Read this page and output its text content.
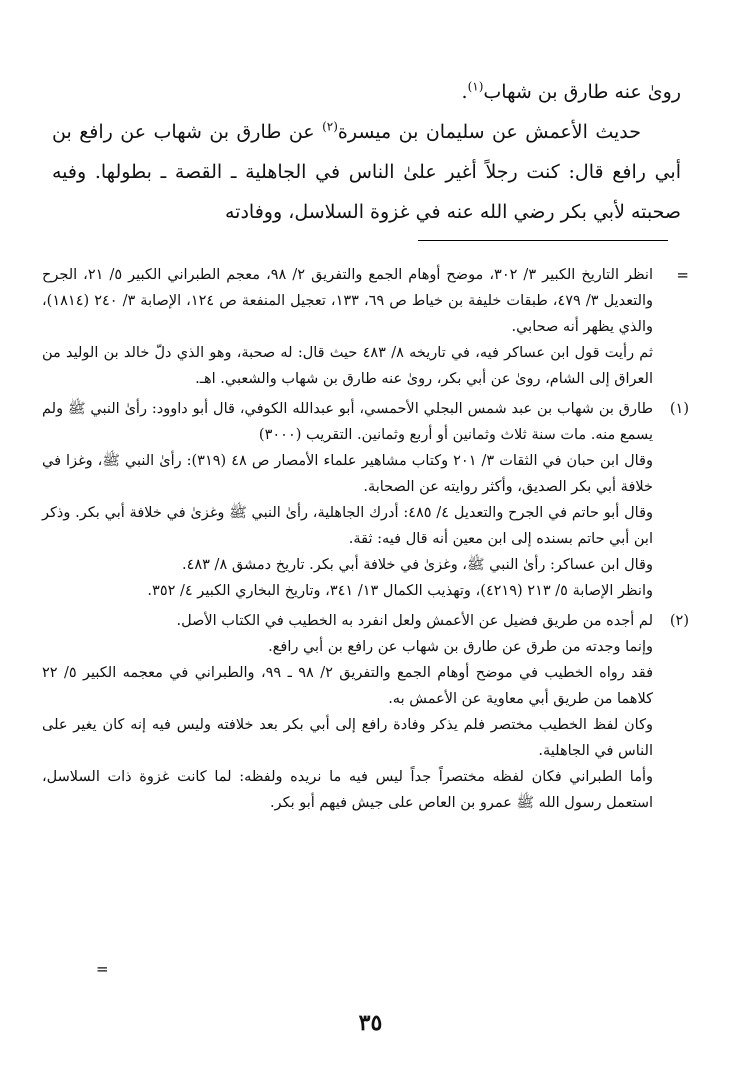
رویٰ عنه طارق بن شهاب$^{(١)}$.

حديث الأعمش عن سليمان بن ميسرة$^{(٢)}$ عن طارق بن شهاب عن رافع بن أبي رافع قال: كنت رجلاً أغير علىٰ الناس في الجاهلية ـ القصة ـ بطولها. وفيه صحبته لأبي بكر رضي الله عنه في غزوة السلاسل، ووفادته

=

انظر التاريخ الكبير ٣/ ٣٠٢، موضح أوهام الجمع والتفريق ٢/ ٩٨، معجم الطبراني الكبير ٥/ ٢١، الجرح والتعديل ٣/ ٤٧٩، طبقات خليفة بن خياط ص ٦٩، ١٣٣، تعجيل المنفعة ص ١٢٤، الإصابة ٣/ ٢٤٠ (١٨١٤)، والذي يظهر أنه صحابي.

ثم رأيت قول ابن عساكر فيه، في تاريخه ٨/ ٤٨٣ حيث قال: له صحبة، وهو الذي دلّ خالد بن الوليد من العراق إلى الشام، روىٰ عن أبي بكر، روىٰ عنه طارق بن شهاب والشعبي. اهـ.

(١)

طارق بن شهاب بن عبد شمس البجلي الأحمسي، أبو عبدالله الكوفي، قال أبو داوود: رأىٰ النبي ﷺ ولم يسمع منه. مات سنة ثلاث وثمانين أو أربع وثمانين. التقريب (٣٠٠٠)

وقال ابن حبان في الثقات ٣/ ٢٠١ وكتاب مشاهير علماء الأمصار ص ٤٨ (٣١٩): رأىٰ النبي ﷺ، وغزا في خلافة أبي بكر الصديق، وأكثر روايته عن الصحابة.

وقال أبو حاتم في الجرح والتعديل ٤/ ٤٨٥: أدرك الجاهلية، رأىٰ النبي ﷺ وغزىٰ في خلافة أبي بكر. وذكر ابن أبي حاتم بسنده إلى ابن معين أنه قال فيه: ثقة.

وقال ابن عساكر: رأىٰ النبي ﷺ، وغزىٰ في خلافة أبي بكر. تاريخ دمشق ٨/ ٤٨٣.

وانظر الإصابة ٥/ ٢١٣ (٤٢١٩)، وتهذيب الكمال ١٣/ ٣٤١، وتاريخ البخاري الكبير ٤/ ٣٥٢.

(٢)

لم أجده من طريق فضيل عن الأعمش ولعل انفرد به الخطيب في الكتاب الأصل.

وإنما وجدته من طرق عن طارق بن شهاب عن رافع بن أبي رافع.

فقد رواه الخطيب في موضح أوهام الجمع والتفريق ٢/ ٩٨ ـ ٩٩، والطبراني في معجمه الكبير ٥/ ٢٢ كلاهما من طريق أبي معاوية عن الأعمش به.

وكان لفظ الخطيب مختصر فلم يذكر وفادة رافع إلى أبي بكر بعد خلافته وليس فيه إنه كان يغير على الناس في الجاهلية.

وأما الطبراني فكان لفظه مختصراً جداً ليس فيه ما نريده ولفظه: لما كانت غزوة ذات السلاسل، استعمل رسول الله ﷺ عمرو بن العاص على جيش فيهم أبو بكر.

=
٣٥
